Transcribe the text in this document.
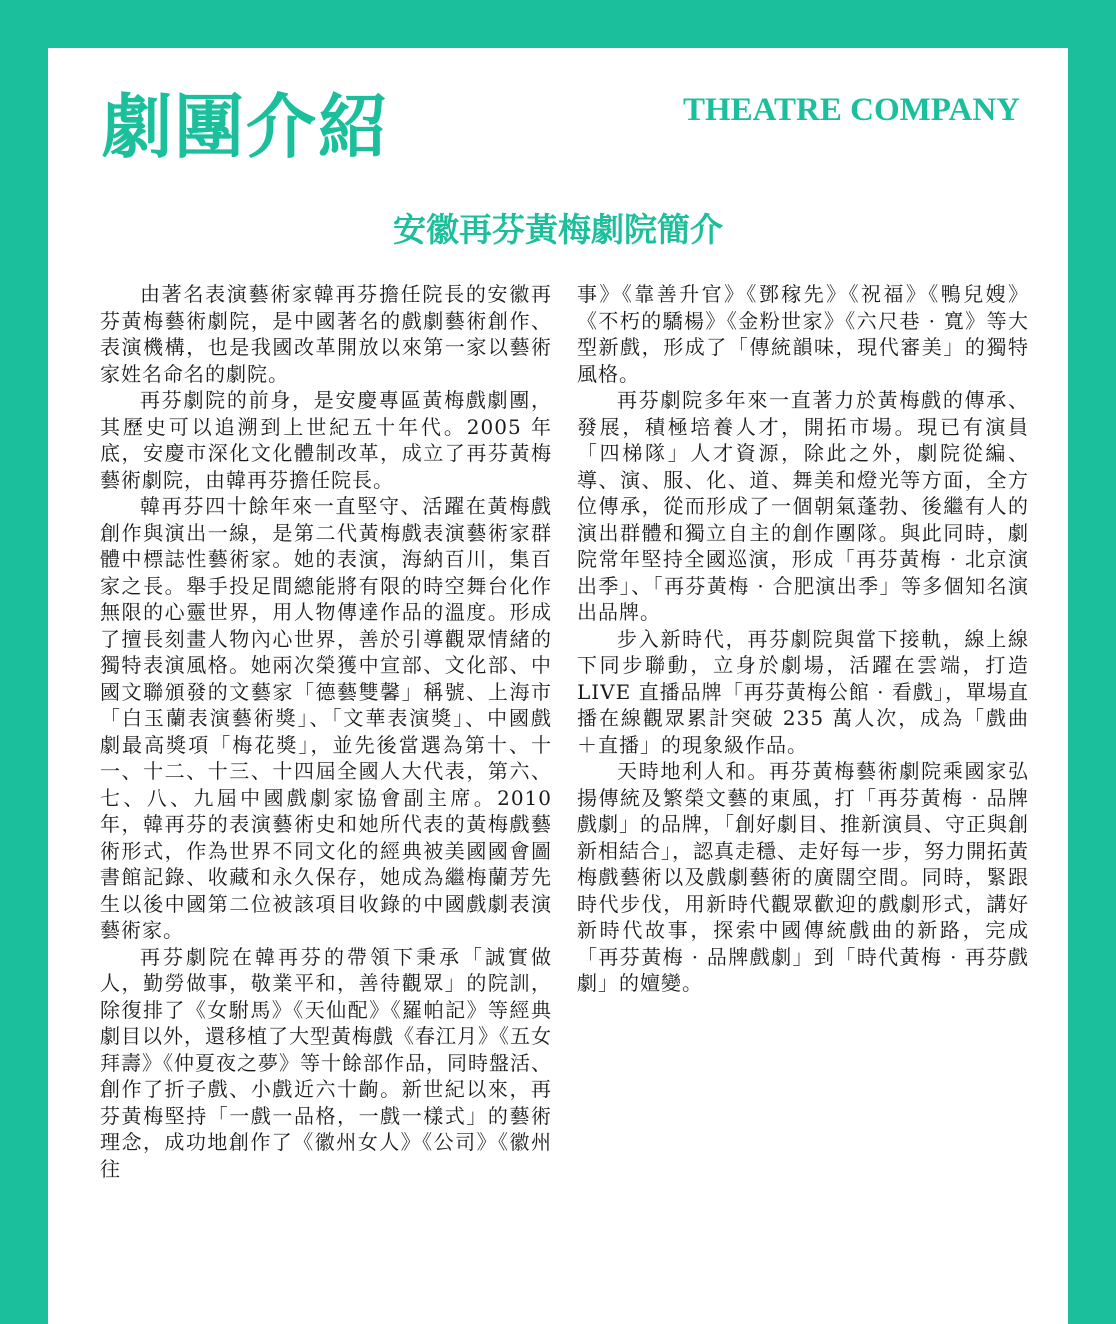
劇團介紹	THEATRE COMPANY
安徽再芬黃梅劇院簡介

由著名表演藝術家韓再芬擔任院長的安徽再芬黃梅藝術劇院，是中國著名的戲劇藝術創作、表演機構，也是我國改革開放以來第一家以藝術家姓名命名的劇院。

再芬劇院的前身，是安慶專區黃梅戲劇團，其歷史可以追溯到上世紀五十年代。2005 年底，安慶市深化文化體制改革，成立了再芬黃梅藝術劇院，由韓再芬擔任院長。

韓再芬四十餘年來一直堅守、活躍在黃梅戲創作與演出一線，是第二代黃梅戲表演藝術家群體中標誌性藝術家。她的表演，海納百川，集百家之長。舉手投足間總能將有限的時空舞台化作無限的心靈世界，用人物傳達作品的溫度。形成了擅長刻畫人物內心世界，善於引導觀眾情緒的獨特表演風格。她兩次榮獲中宣部、文化部、中國文聯頒發的文藝家「德藝雙馨」稱號、上海市「白玉蘭表演藝術獎」、「文華表演獎」、中國戲劇最高獎項「梅花獎」，並先後當選為第十、十一、十二、十三、十四屆全國人大代表，第六、七、八、九屆中國戲劇家協會副主席。2010 年，韓再芬的表演藝術史和她所代表的黃梅戲藝術形式，作為世界不同文化的經典被美國國會圖書館記錄、收藏和永久保存，她成為繼梅蘭芳先生以後中國第二位被該項目收錄的中國戲劇表演藝術家。

再芬劇院在韓再芬的帶領下秉承「誠實做人，勤勞做事，敬業平和，善待觀眾」的院訓，除復排了《女駙馬》《天仙配》《羅帕記》等經典劇目以外，還移植了大型黃梅戲《春江月》《五女拜壽》《仲夏夜之夢》等十餘部作品，同時盤活、創作了折子戲、小戲近六十齣。新世紀以來，再芬黃梅堅持「一戲一品格，一戲一樣式」的藝術理念，成功地創作了《徽州女人》《公司》《徽州往

事》《靠善升官》《鄧稼先》《祝福》《鴨兒嫂》《不朽的驕楊》《金粉世家》《六尺巷 · 寬》等大型新戲，形成了「傳統韻味，現代審美」的獨特風格。

再芬劇院多年來一直著力於黃梅戲的傳承、發展，積極培養人才，開拓市場。現已有演員「四梯隊」人才資源，除此之外，劇院從編、導、演、服、化、道、舞美和燈光等方面，全方位傳承，從而形成了一個朝氣蓬勃、後繼有人的演出群體和獨立自主的創作團隊。與此同時，劇院常年堅持全國巡演，形成「再芬黃梅 · 北京演出季」、「再芬黃梅 · 合肥演出季」等多個知名演出品牌。

步入新時代，再芬劇院與當下接軌，線上線下同步聯動，立身於劇場，活躍在雲端，打造 LIVE 直播品牌「再芬黃梅公館 · 看戲」，單場直播在線觀眾累計突破 235 萬人次，成為「戲曲＋直播」的現象級作品。

天時地利人和。再芬黃梅藝術劇院乘國家弘揚傳統及繁榮文藝的東風，打「再芬黃梅 · 品牌戲劇」的品牌，「創好劇目、推新演員、守正與創新相結合」，認真走穩、走好每一步，努力開拓黃梅戲藝術以及戲劇藝術的廣闊空間。同時，緊跟時代步伐，用新時代觀眾歡迎的戲劇形式，講好新時代故事，探索中國傳統戲曲的新路，完成「再芬黃梅 · 品牌戲劇」到「時代黃梅 · 再芬戲劇」的嬗變。
